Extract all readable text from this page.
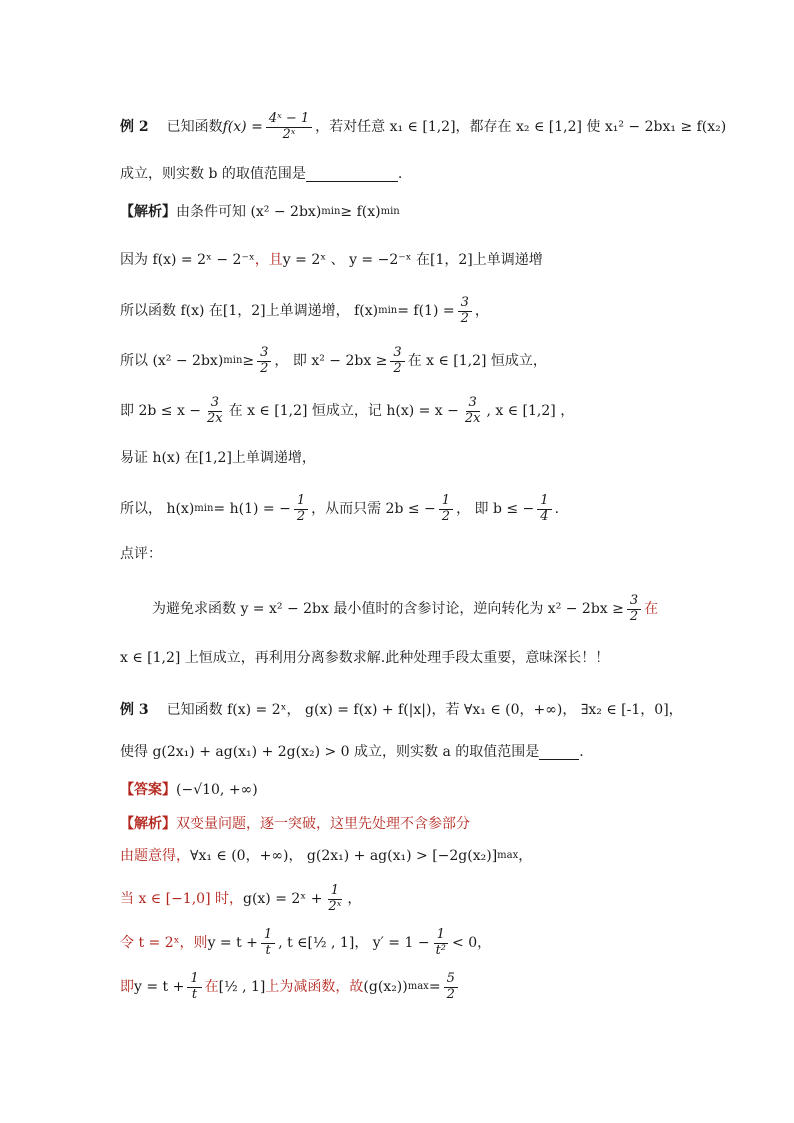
例 2 已知函数 $f(x) = \frac{\text{4ˣ − 1}}{\text{2ˣ}}$ ，若对任意 x₁ ∈ [1,2]，都存在 x₂ ∈ [1,2] 使 x₁² − 2bx₁ ≥ f(x₂)
成立，则实数 b 的取值范围是	.
【解析】 由条件可知 (x² − 2bx) min ≥ f(x) min
因为 f(x) = 2ˣ − 2⁻ˣ ，且 y = 2ˣ 、 y = −2⁻ˣ 在[1，2]上单调递增
所以函数 f(x) 在[1，2]上单调递增， f(x) $\min = f(1) = \frac{3}{2}$ ，
所以 (x² − 2bx) $\min \ge \frac{3}{2}$ ， 即 $x^2 - 2bx \ge \frac{3}{2}$ 在 x ∈ [1,2] 恒成立，
即 $2b \le x - \frac{3}{2x}$ 在 x ∈ [1,2] 恒成立，记 $h(x) = x - \frac{3}{2x}$ , x ∈ [1,2] ，
易证 h(x) 在[1,2]上单调递增，
所以， h(x) min = h(1) = − $\frac{1}{2}$ ，从而只需 2b ≤ − $\frac{1}{2}$ ， 即 b ≤ − $\frac{1}{4}$ .
点评：
为避免求函数 y = x² − 2bx 最小值时的含参讨论，逆向转化为 $x^2 - 2bx \ge \frac{3}{2}$ 在
x ∈ [1,2] 上恒成立，再利用分离参数求解.此种处理手段太重要，意味深长！！
例 3 已知函数 f(x) = 2ˣ， g(x) = f(x) + f(|x|)，若 ∀x₁ ∈ (0，+∞)， ∃x₂ ∈ [-1，0]，
使得 g(2x₁) + ag(x₁) + 2g(x₂) > 0 成立，则实数 a 的取值范围是	.
【答案】 (−√10, +∞)
【解析】 双变量问题，逐一突破，这里先处理不含参部分
由题意得， ∀x₁ ∈ (0，+∞)， g(2x₁) + ag(x₁) > [−2g(x₂)] max ，
当 x ∈ [−1,0] 时， g(x) = 2ˣ + $\frac{1}{\text{2ˣ}}$ ，
令 t = 2ˣ，则 $y = t + \frac{1}{t}$ , t ∈ [½ , 1] ， $y' = 1 - \frac{1}{\text{t²}} < 0$，
即 $y = t + \frac{1}{t}$ 在 [½ , 1] 上为减函数，故 (g(x₂)) $\max = \frac{5}{2}$
